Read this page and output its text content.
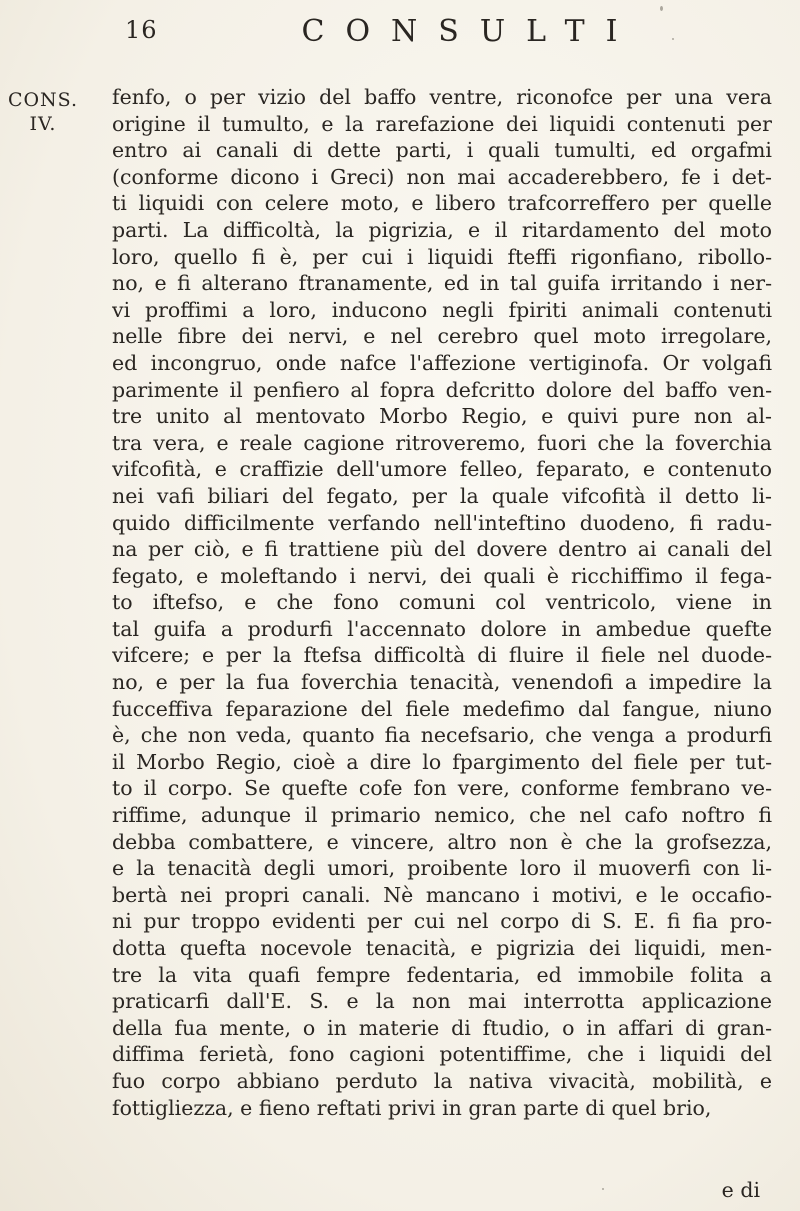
16	CONSULTI
CONS.
IV.
fenfo, o per vizio del baffo ventre, riconofce per una vera
origine il tumulto, e la rarefazione dei liquidi contenuti per
entro ai canali di dette parti, i quali tumulti, ed orgafmi
(conforme dicono i Greci) non mai accaderebbero, fe i det-
ti liquidi con celere moto, e libero trafcorreffero per quelle
parti. La difficoltà, la pigrizia, e il ritardamento del moto
loro, quello fi è, per cui i liquidi fteffi rigonfiano, ribollo-
no, e fi alterano ftranamente, ed in tal guifa irritando i ner-
vi proffimi a loro, inducono negli fpiriti animali contenuti
nelle fibre dei nervi, e nel cerebro quel moto irregolare,
ed incongruo, onde nafce l'affezione vertiginofa. Or volgafi
parimente il penfiero al fopra defcritto dolore del baffo ven-
tre unito al mentovato Morbo Regio, e quivi pure non al-
tra vera, e reale cagione ritroveremo, fuori che la foverchia
vifcofità, e craffizie dell'umore felleo, feparato, e contenuto
nei vafi biliari del fegato, per la quale vifcofità il detto li-
quido difficilmente verfando nell'inteftino duodeno, fi radu-
na per ciò, e fi trattiene più del dovere dentro ai canali del
fegato, e moleftando i nervi, dei quali è ricchiffimo il fega-
to iftefso, e che fono comuni col ventricolo, viene in
tal guifa a produrfi l'accennato dolore in ambedue quefte
vifcere; e per la ftefsa difficoltà di fluire il fiele nel duode-
no, e per la fua foverchia tenacità, venendofi a impedire la
fucceffiva feparazione del fiele medefimo dal fangue, niuno
è, che non veda, quanto fia necefsario, che venga a produrfi
il Morbo Regio, cioè a dire lo fpargimento del fiele per tut-
to il corpo. Se quefte cofe fon vere, conforme fembrano ve-
riffime, adunque il primario nemico, che nel cafo noftro fi
debba combattere, e vincere, altro non è che la grofsezza,
e la tenacità degli umori, proibente loro il muoverfi con li-
bertà nei propri canali. Nè mancano i motivi, e le occafio-
ni pur troppo evidenti per cui nel corpo di S. E. fi fia pro-
dotta quefta nocevole tenacità, e pigrizia dei liquidi, men-
tre la vita quafi fempre fedentaria, ed immobile folita a
praticarfi dall'E. S. e la non mai interrotta applicazione
della fua mente, o in materie di ftudio, o in affari di gran-
diffima ferietà, fono cagioni potentiffime, che i liquidi del
fuo corpo abbiano perduto la nativa vivacità, mobilità, e
fottigliezza, e fieno reftati privi in gran parte di quel brio,
e di
